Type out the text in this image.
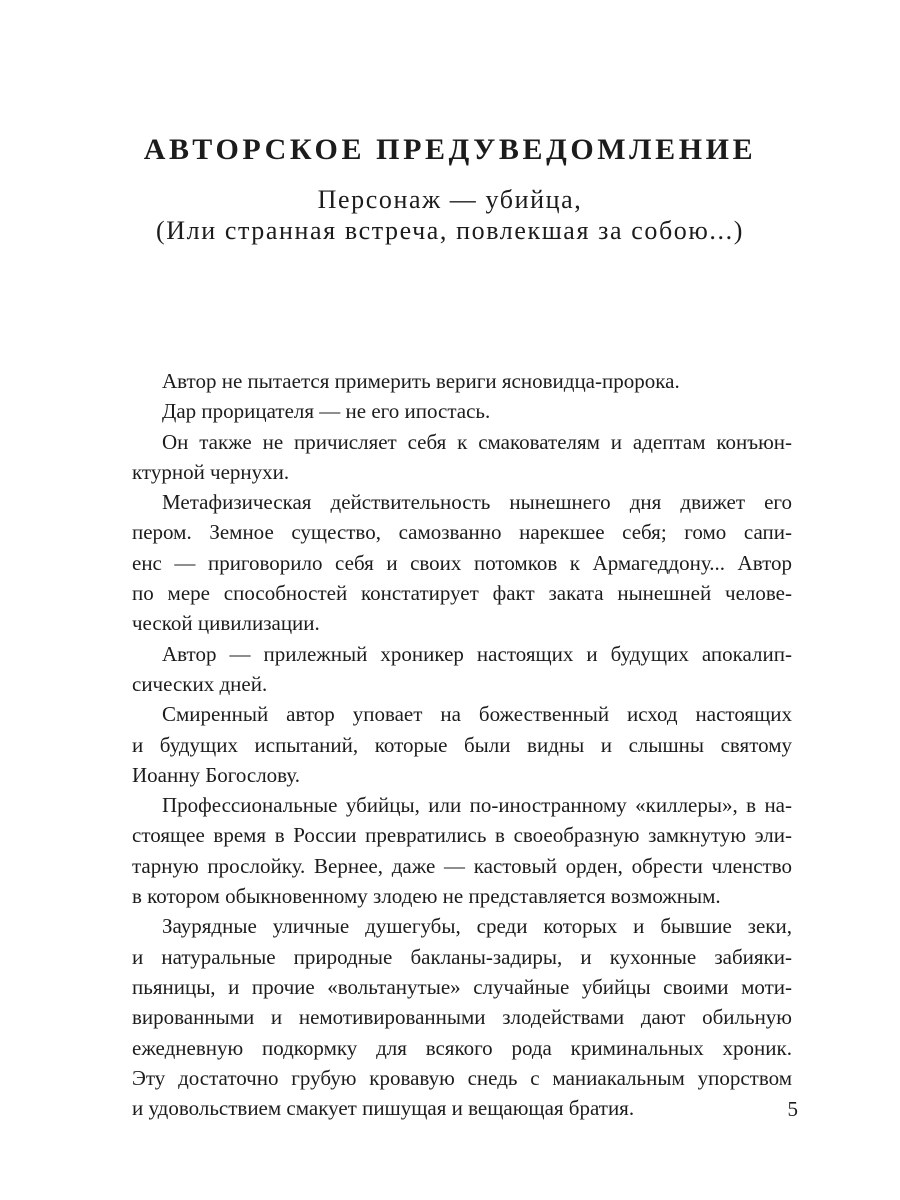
АВТОРСКОЕ ПРЕДУВЕДОМЛЕНИЕ
Персонаж — убийца,
(Или странная встреча, повлекшая за собою...)
Автор не пытается примерить вериги ясновидца-пророка.
Дар прорицателя — не его ипостась.
Он также не причисляет себя к смакователям и адептам конъюн-
ктурной чернухи.
Метафизическая действительность нынешнего дня движет его
пером. Земное существо, самозванно нарекшее себя; гомо сапи-
енс — приговорило себя и своих потомков к Армагеддону... Автор
по мере способностей констатирует факт заката нынешней челове-
ческой цивилизации.
Автор — прилежный хроникер настоящих и будущих апокалип-
сических дней.
Смиренный автор уповает на божественный исход настоящих
и будущих испытаний, которые были видны и слышны святому
Иоанну Богослову.
Профессиональные убийцы, или по-иностранному «киллеры», в на-
стоящее время в России превратились в своеобразную замкнутую эли-
тарную прослойку. Вернее, даже — кастовый орден, обрести членство
в котором обыкновенному злодею не представляется возможным.
Заурядные уличные душегубы, среди которых и бывшие зеки,
и натуральные природные бакланы-задиры, и кухонные забияки-
пьяницы, и прочие «вольтанутые» случайные убийцы своими моти-
вированными и немотивированными злодействами дают обильную
ежедневную подкормку для всякого рода криминальных хроник.
Эту достаточно грубую кровавую снедь с маниакальным упорством
и удовольствием смакует пишущая и вещающая братия.	5
